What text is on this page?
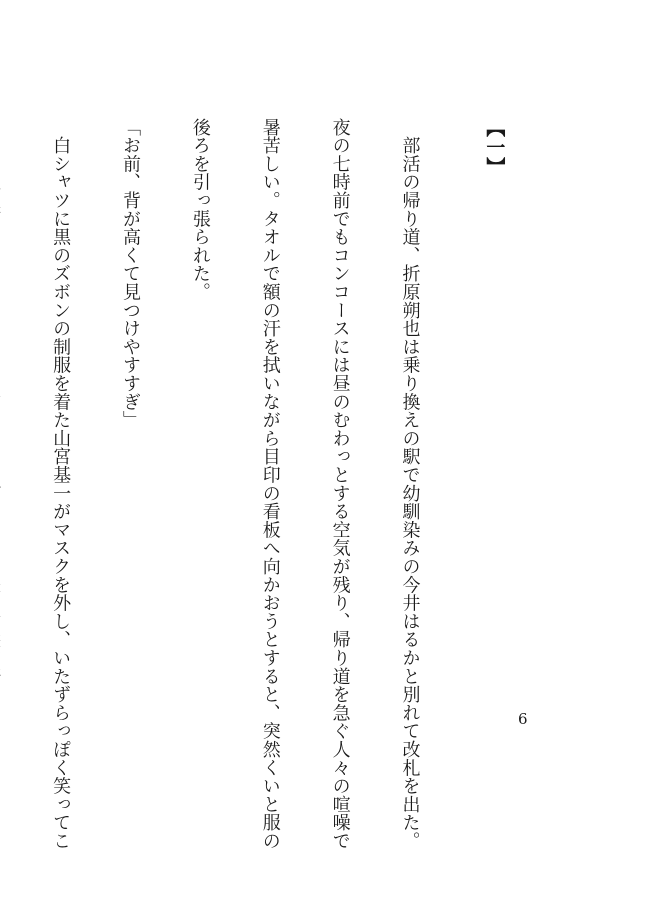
【一】

　部活の帰り道、折原朔也は乗り換えの駅で幼馴染みの今井はるかと別れて改札を出た。

夜の七時前でもコンコースには昼のむわっとする空気が残り、帰り道を急ぐ人々の喧噪で

暑苦しい。タオルで額の汗を拭いながら目印の看板へ向かおうとすると、突然くいと服の

後ろを引っ張られた。

「お前、背が高くて見つけやすすぎ」

　白シャツに黒のズボンの制服を着た山宮基一がマスクを外し、いたずらっぽく笑ってこ

	6
